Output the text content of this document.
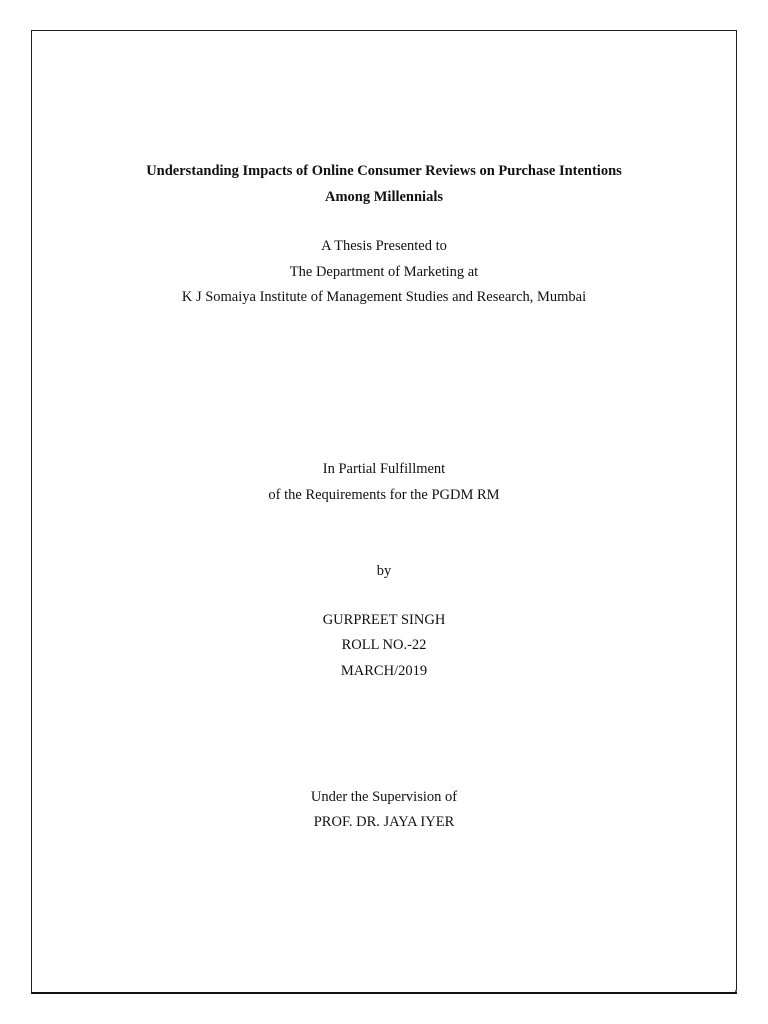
Understanding Impacts of Online Consumer Reviews on Purchase Intentions
Among Millennials
A Thesis Presented to
The Department of Marketing at
K J Somaiya Institute of Management Studies and Research, Mumbai
In Partial Fulfillment
of the Requirements for the PGDM RM
by
GURPREET SINGH
ROLL NO.-22
MARCH/2019
Under the Supervision of
PROF. DR. JAYA IYER
